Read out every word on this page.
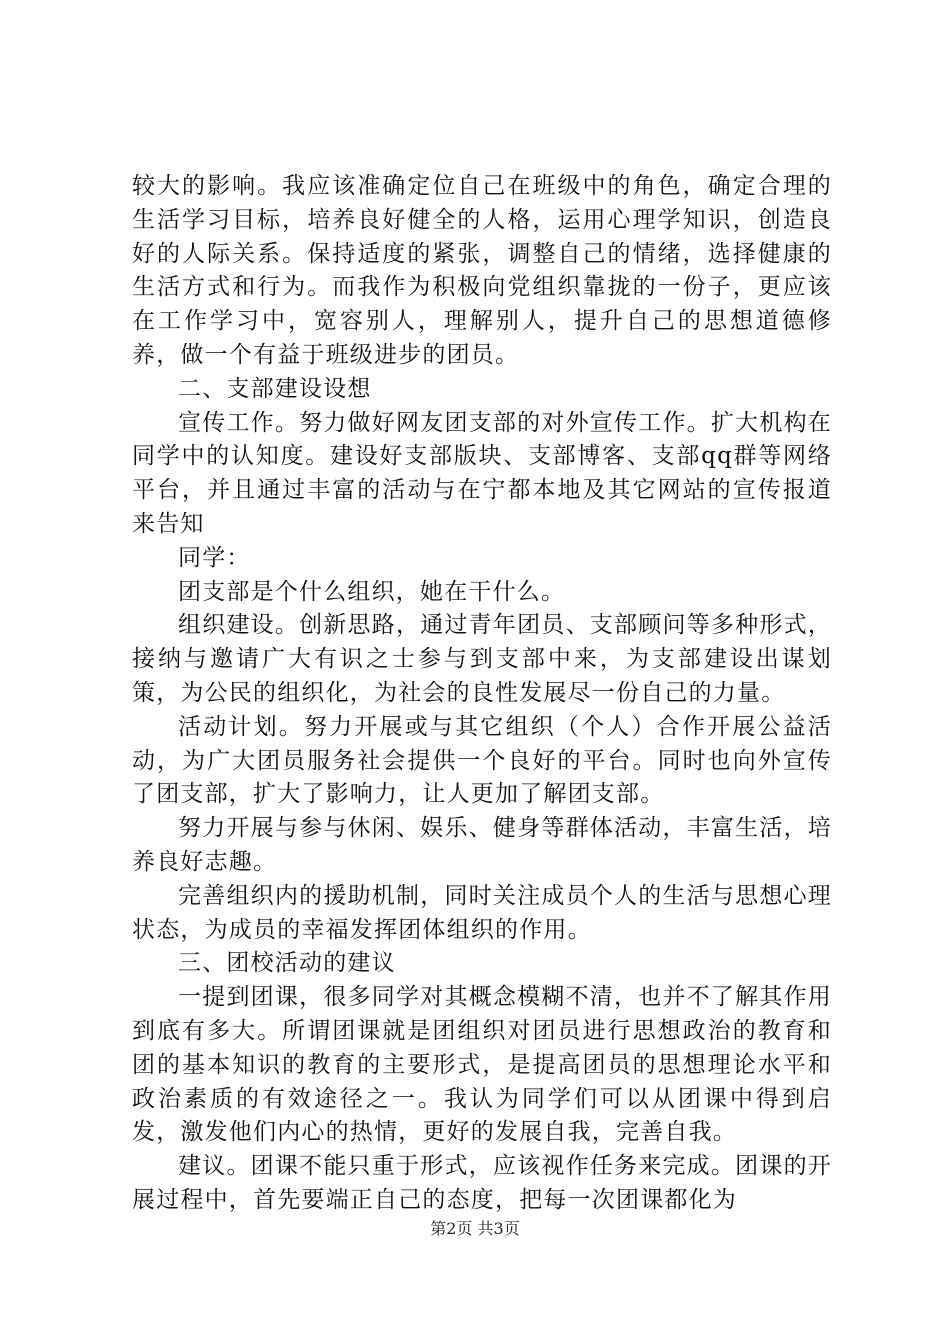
较大的影响。我应该准确定位自己在班级中的角色，确定合理的生活学习目标，培养良好健全的人格，运用心理学知识，创造良好的人际关系。保持适度的紧张，调整自己的情绪，选择健康的生活方式和行为。而我作为积极向党组织靠拢的一份子，更应该在工作学习中，宽容别人，理解别人，提升自己的思想道德修养，做一个有益于班级进步的团员。

二、支部建设设想

宣传工作。努力做好网友团支部的对外宣传工作。扩大机构在同学中的认知度。建设好支部版块、支部博客、支部qq群等网络平台，并且通过丰富的活动与在宁都本地及其它网站的宣传报道来告知

同学：

团支部是个什么组织，她在干什么。

组织建设。创新思路，通过青年团员、支部顾问等多种形式，接纳与邀请广大有识之士参与到支部中来，为支部建设出谋划策，为公民的组织化，为社会的良性发展尽一份自己的力量。

活动计划。努力开展或与其它组织（个人）合作开展公益活动，为广大团员服务社会提供一个良好的平台。同时也向外宣传了团支部，扩大了影响力，让人更加了解团支部。

努力开展与参与休闲、娱乐、健身等群体活动，丰富生活，培养良好志趣。

完善组织内的援助机制，同时关注成员个人的生活与思想心理状态，为成员的幸福发挥团体组织的作用。

三、团校活动的建议

一提到团课，很多同学对其概念模糊不清，也并不了解其作用到底有多大。所谓团课就是团组织对团员进行思想政治的教育和团的基本知识的教育的主要形式，是提高团员的思想理论水平和政治素质的有效途径之一。我认为同学们可以从团课中得到启发，激发他们内心的热情，更好的发展自我，完善自我。

建议。团课不能只重于形式，应该视作任务来完成。团课的开展过程中，首先要端正自己的态度，把每一次团课都化为

第2页 共3页
